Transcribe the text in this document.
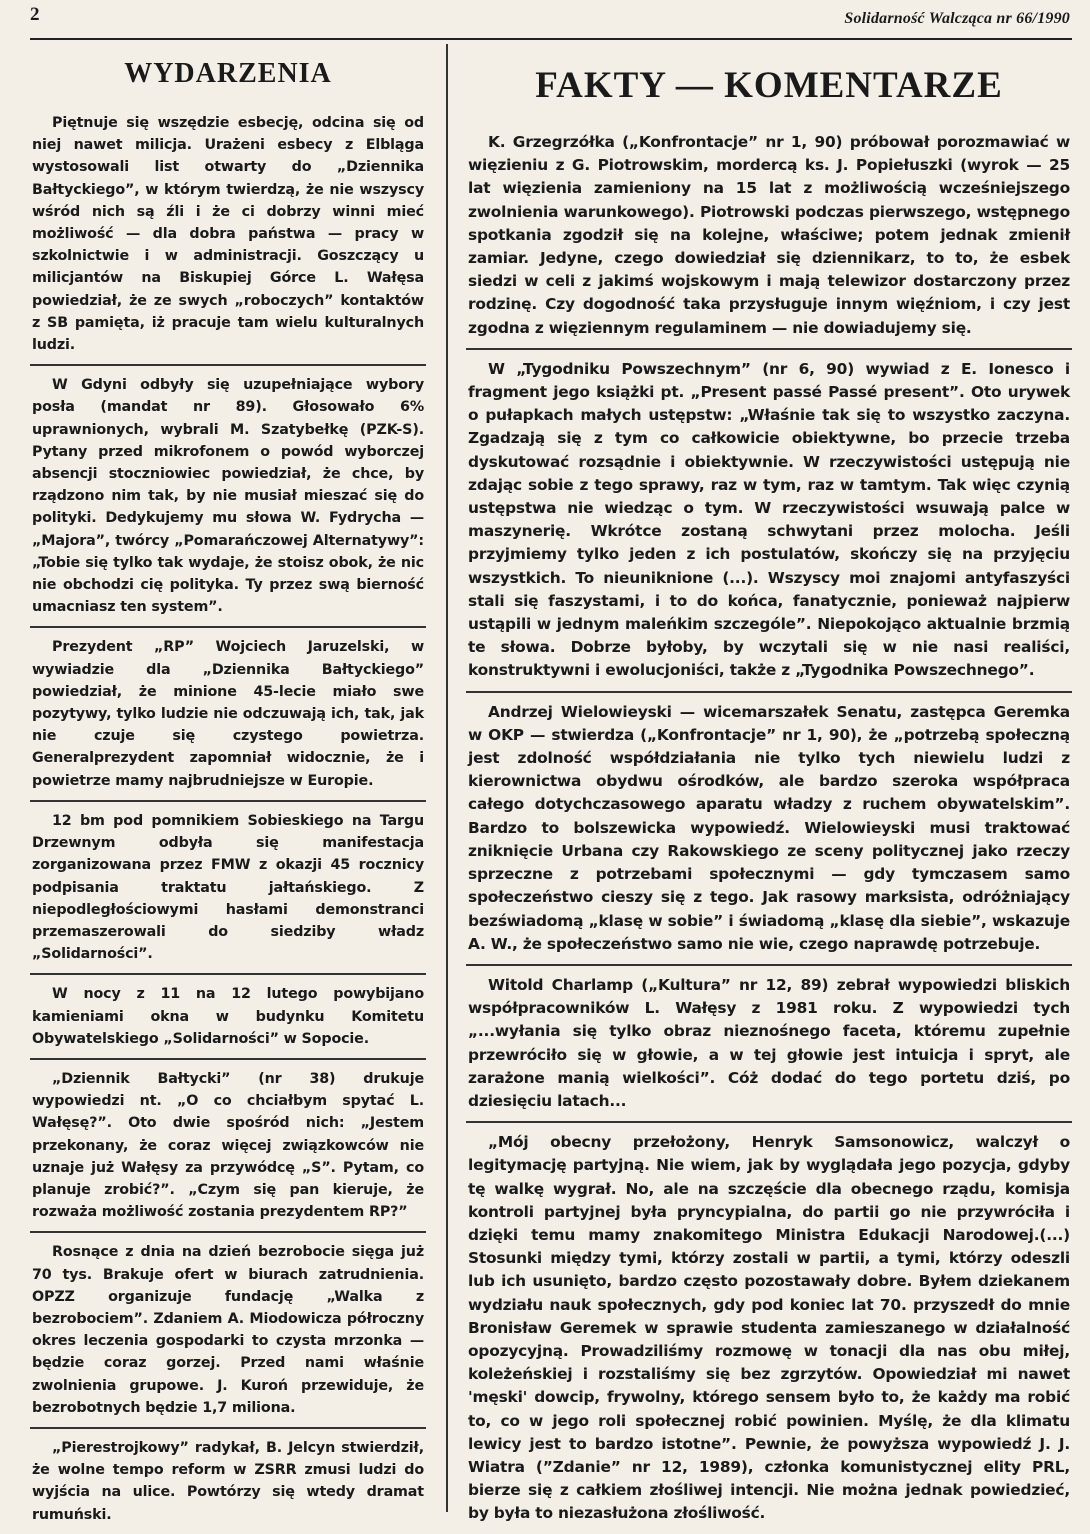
2	Solidarność Walcząca nr 66/1990
WYDARZENIA

Piętnuje się wszędzie esbecję, odcina się od niej nawet milicja. Urażeni esbecy z Elbląga wystosowali list otwarty do „Dziennika Bałtyckiego”, w którym twierdzą, że nie wszyscy wśród nich są źli i że ci dobrzy winni mieć możliwość — dla dobra państwa — pracy w szkolnictwie i w administracji. Goszczący u milicjantów na Biskupiej Górce L. Wałęsa powiedział, że ze swych „roboczych” kontaktów z SB pamięta, iż pracuje tam wielu kulturalnych ludzi.

W Gdyni odbyły się uzupełniające wybory posła (mandat nr 89). Głosowało 6% uprawnionych, wybrali M. Szatybełkę (PZK-S). Pytany przed mikrofonem o powód wyborczej absencji stoczniowiec powiedział, że chce, by rządzono nim tak, by nie musiał mieszać się do polityki. Dedykujemy mu słowa W. Fydrycha —„Majora”, twórcy „Pomarańczowej Alternatywy”: „Tobie się tylko tak wydaje, że stoisz obok, że nic nie obchodzi cię polityka. Ty przez swą bierność umacniasz ten system”.

Prezydent „RP” Wojciech Jaruzelski, w wywiadzie dla „Dziennika Bałtyckiego” powiedział, że minione 45-lecie miało swe pozytywy, tylko ludzie nie odczuwają ich, tak, jak nie czuje się czystego powietrza. Generalprezydent zapomniał widocznie, że i powietrze mamy najbrudniejsze w Europie.

12 bm pod pomnikiem Sobieskiego na Targu Drzewnym odbyła się manifestacja zorganizowana przez FMW z okazji 45 rocznicy podpisania traktatu jałtańskiego. Z niepodległościowymi hasłami demonstranci przemaszerowali do siedziby władz „Solidarności”.

W nocy z 11 na 12 lutego powybijano kamieniami okna w budynku Komitetu Obywatelskiego „Solidarności” w Sopocie.

„Dziennik Bałtycki” (nr 38) drukuje wypowiedzi nt. „O co chciałbym spytać L. Wałęsę?”. Oto dwie spośród nich: „Jestem przekonany, że coraz więcej związkowców nie uznaje już Wałęsy za przywódcę „S”. Pytam, co planuje zrobić?”. „Czym się pan kieruje, że rozważa możliwość zostania prezydentem RP?”

Rosnące z dnia na dzień bezrobocie sięga już 70 tys. Brakuje ofert w biurach zatrudnienia. OPZZ organizuje fundację „Walka z bezrobociem”. Zdaniem A. Miodowicza półroczny okres leczenia gospodarki to czysta mrzonka — będzie coraz gorzej. Przed nami właśnie zwolnienia grupowe. J. Kuroń przewiduje, że bezrobotnych będzie 1,7 miliona.

„Pierestrojkowy” radykał, B. Jelcyn stwierdził, że wolne tempo reform w ZSRR zmusi ludzi do wyjścia na ulice. Powtórzy się wtedy dramat rumuński.

FAKTY — KOMENTARZE

K. Grzegrzółka („Konfrontacje” nr 1, 90) próbował porozmawiać w więzieniu z G. Piotrowskim, mordercą ks. J. Popiełuszki (wyrok — 25 lat więzienia zamieniony na 15 lat z możliwością wcześniejszego zwolnienia warunkowego). Piotrowski podczas pierwszego, wstępnego spotkania zgodził się na kolejne, właściwe; potem jednak zmienił zamiar. Jedyne, czego dowiedział się dziennikarz, to to, że esbek siedzi w celi z jakimś wojskowym i mają telewizor dostarczony przez rodzinę. Czy dogodność taka przysługuje innym więźniom, i czy jest zgodna z więziennym regulaminem — nie dowiadujemy się.

W „Tygodniku Powszechnym” (nr 6, 90) wywiad z E. Ionesco i fragment jego książki pt. „Present passé Passé present”. Oto urywek o pułapkach małych ustępstw: „Właśnie tak się to wszystko zaczyna. Zgadzają się z tym co całkowicie obiektywne, bo przecie trzeba dyskutować rozsądnie i obiektywnie. W rzeczywistości ustępują nie zdając sobie z tego sprawy, raz w tym, raz w tamtym. Tak więc czynią ustępstwa nie wiedząc o tym. W rzeczywistości wsuwają palce w maszynerię. Wkrótce zostaną schwytani przez molocha. Jeśli przyjmiemy tylko jeden z ich postulatów, skończy się na przyjęciu wszystkich. To nieuniknione (...). Wszyscy moi znajomi antyfaszyści stali się faszystami, i to do końca, fanatycznie, ponieważ najpierw ustąpili w jednym maleńkim szczególe”. Niepokojąco aktualnie brzmią te słowa. Dobrze byłoby, by wczytali się w nie nasi realiści, konstruktywni i ewolucjoniści, także z „Tygodnika Powszechnego”.

Andrzej Wielowieyski — wicemarszałek Senatu, zastępca Geremka w OKP — stwierdza („Konfrontacje” nr 1, 90), że „potrzebą społeczną jest zdolność współdziałania nie tylko tych niewielu ludzi z kierownictwa obydwu ośrodków, ale bardzo szeroka współpraca całego dotychczasowego aparatu władzy z ruchem obywatelskim”. Bardzo to bolszewicka wypowiedź. Wielowieyski musi traktować zniknięcie Urbana czy Rakowskiego ze sceny politycznej jako rzeczy sprzeczne z potrzebami społecznymi — gdy tymczasem samo społeczeństwo cieszy się z tego. Jak rasowy marksista, odróżniający bezświadomą „klasę w sobie” i świadomą „klasę dla siebie”, wskazuje A. W., że społeczeństwo samo nie wie, czego naprawdę potrzebuje.

Witold Charlamp („Kultura” nr 12, 89) zebrał wypowiedzi bliskich współpracowników L. Wałęsy z 1981 roku. Z wypowiedzi tych „...wyłania się tylko obraz nieznośnego faceta, któremu zupełnie przewróciło się w głowie, a w tej głowie jest intuicja i spryt, ale zarażone manią wielkości”. Cóż dodać do tego portetu dziś, po dziesięciu latach...

„Mój obecny przełożony, Henryk Samsonowicz, walczył o legitymację partyjną. Nie wiem, jak by wyglądała jego pozycja, gdyby tę walkę wygrał. No, ale na szczęście dla obecnego rządu, komisja kontroli partyjnej była pryncypialna, do partii go nie przywróciła i dzięki temu mamy znakomitego Ministra Edukacji Narodowej.(...) Stosunki między tymi, którzy zostali w partii, a tymi, którzy odeszli lub ich usunięto, bardzo często pozostawały dobre. Byłem dziekanem wydziału nauk społecznych, gdy pod koniec lat 70. przyszedł do mnie Bronisław Geremek w sprawie studenta zamieszanego w działalność opozycyjną. Prowadziliśmy rozmowę w tonacji dla nas obu miłej, koleżeńskiej i rozstaliśmy się bez zgrzytów. Opowiedział mi nawet 'męski' dowcip, frywolny, którego sensem było to, że każdy ma robić to, co w jego roli społecznej robić powinien. Myślę, że dla klimatu lewicy jest to bardzo istotne”. Pewnie, że powyższa wypowiedź J. J. Wiatra (”Zdanie” nr 12, 1989), członka komunistycznej elity PRL, bierze się z całkiem złośliwej intencji. Nie można jednak powiedzieć, by była to niezasłużona złośliwość.
